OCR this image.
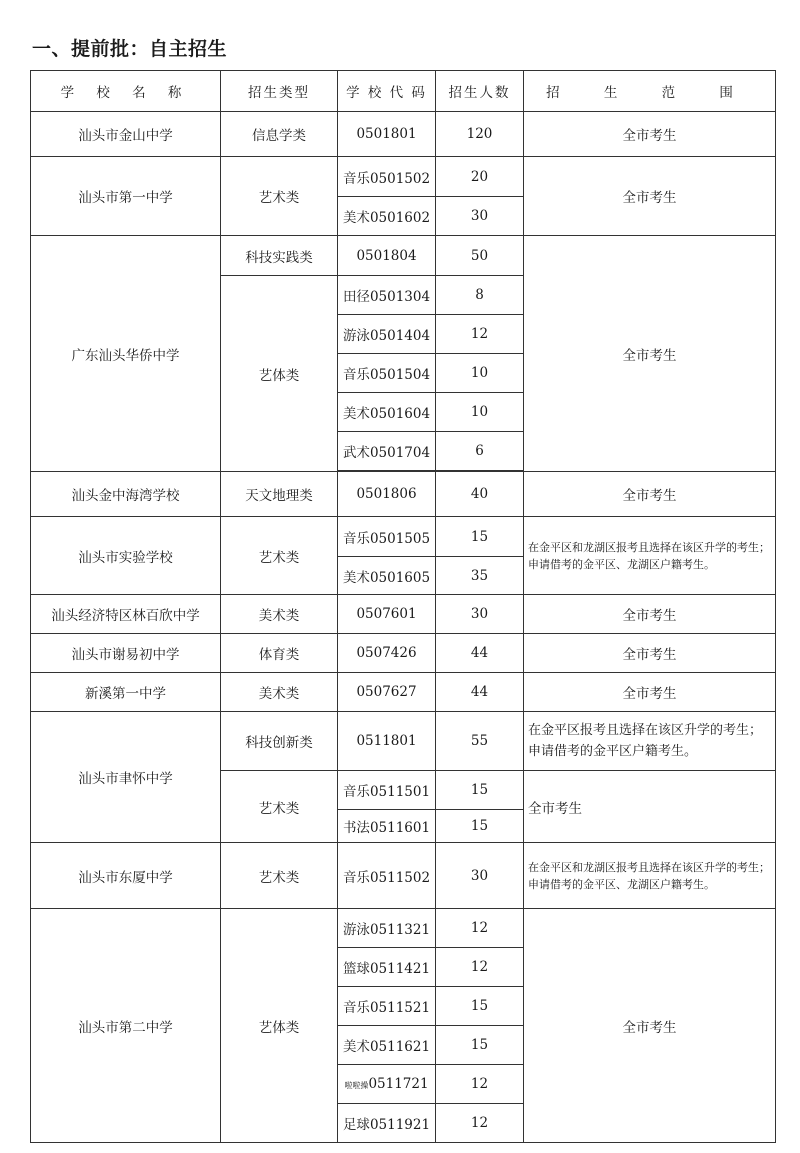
一、提前批：自主招生
学 校 名 称	招生类型	学 校 代 码	招生人数	招 生 范 围
汕头市金山中学	信息学类	0501801	120	全市考生
汕头市第一中学	艺术类	音乐0501502	20	全市考生
		美术0501602	30	
广东汕头华侨中学	科技实践类	0501804	50	全市考生
	艺体类	田径0501304	8	
		游泳0501404	12	
		音乐0501504	10	
		美术0501604	10	
		武术0501704	6	

汕头金中海湾学校	天文地理类	0501806	40	全市考生
汕头市实验学校	艺术类	音乐0501505	15	在金平区和龙湖区报考且选择在该区升学的考生；申请借考的金平区、龙湖区户籍考生。
		美术0501605	35	
汕头经济特区林百欣中学	美术类	0507601	30	全市考生
汕头市谢易初中学	体育类	0507426	44	全市考生
新溪第一中学	美术类	0507627	44	全市考生
汕头市聿怀中学	科技创新类	0511801	55	在金平区报考且选择在该区升学的考生；申请借考的金平区户籍考生。
	艺术类	音乐0511501	15	全市考生
		书法0511601	15	
汕头市东厦中学	艺术类	音乐0511502	30	在金平区和龙湖区报考且选择在该区升学的考生；申请借考的金平区、龙湖区户籍考生。
汕头市第二中学	艺体类	游泳0511321	12	全市考生
		篮球0511421	12	
		音乐0511521	15	
		美术0511621	15	
		啦啦操0511721	12	
		足球0511921	12	
